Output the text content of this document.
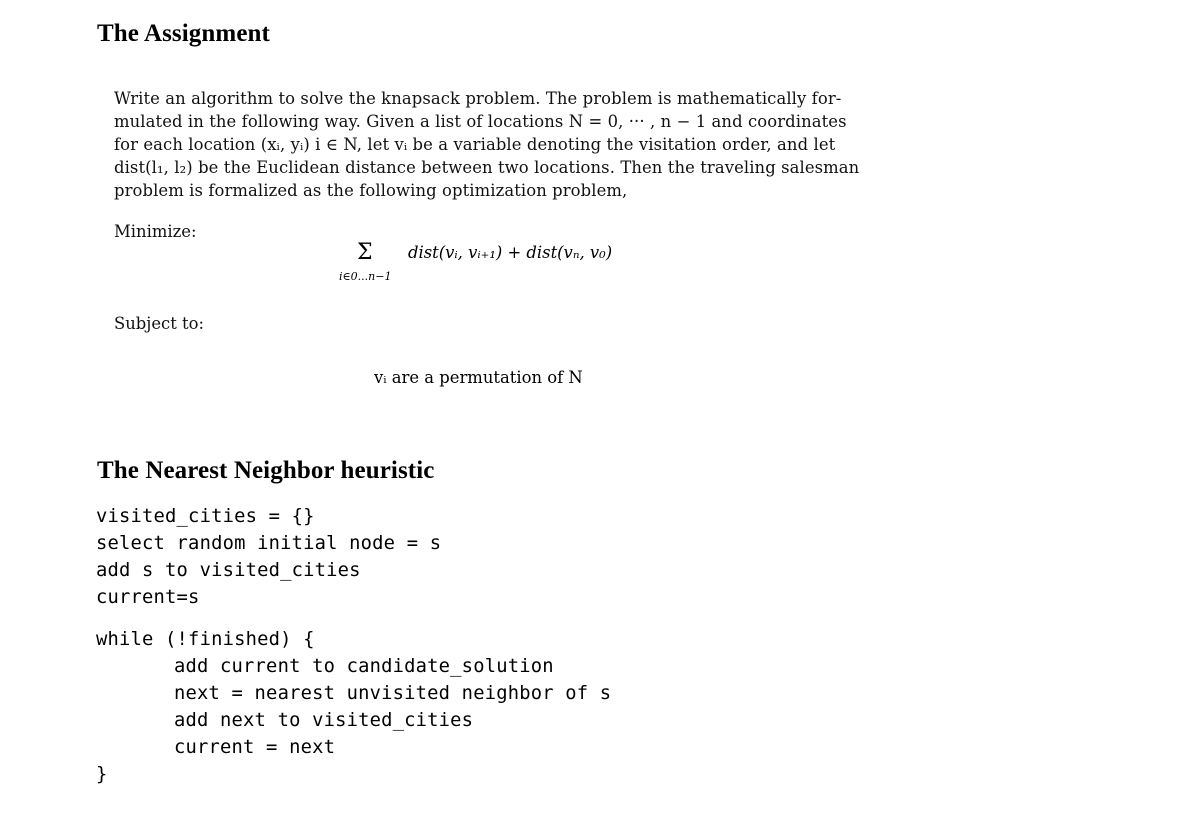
The Assignment
Write an algorithm to solve the knapsack problem. The problem is mathematically for-
mulated in the following way. Given a list of locations N = 0, ··· , n − 1 and coordinates
for each location (xᵢ, yᵢ) i ∈ N, let vᵢ be a variable denoting the visitation order, and let
dist(l₁, l₂) be the Euclidean distance between two locations. Then the traveling salesman
problem is formalized as the following optimization problem,
Minimize:
Σ
i∈0...n−1
dist(vᵢ, vᵢ₊₁) + dist(vₙ, v₀)
Subject to:
vᵢ are a permutation of N
The Nearest Neighbor heuristic
visited_cities = {}
select random initial node = s
add s to visited_cities
current=s
while (!finished) {
add current to candidate_solution
next = nearest unvisited neighbor of s
add next to visited_cities
current = next
}
